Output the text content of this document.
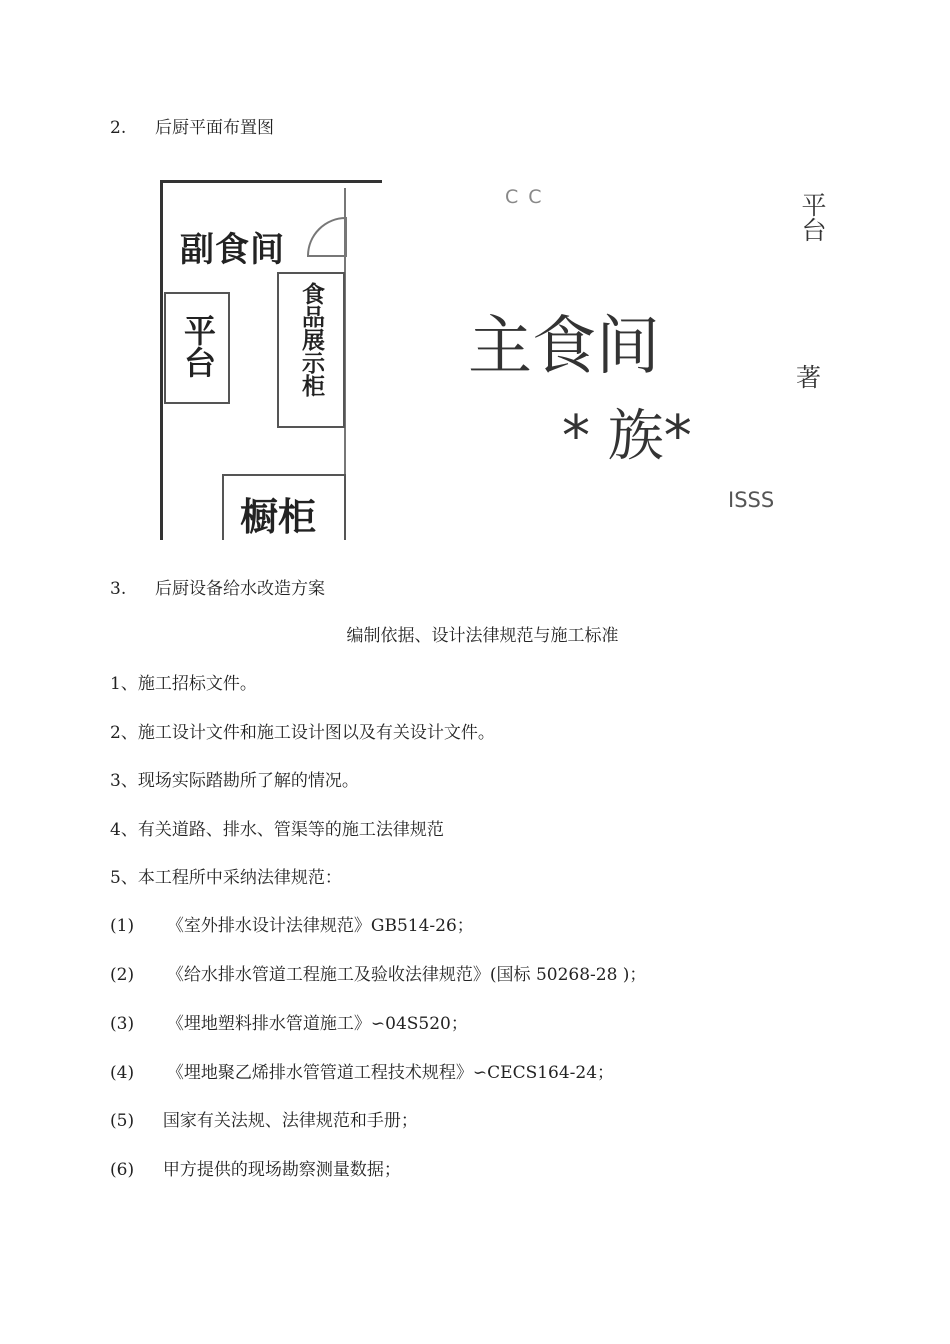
2. 后厨平面布置图
副食间
平台	食品展示柜
橱柜
C C	平台
主食间	著
* 族*
ISSS
3. 后厨设备给水改造方案
编制依据、设计法律规范与施工标准
1、施工招标文件。
2、施工设计文件和施工设计图以及有关设计文件。
3、现场实际踏勘所了解的情况。
4、有关道路、排水、管渠等的施工法律规范
5、本工程所中采纳法律规范：
(1) 《室外排水设计法律规范》GB514-26；
(2) 《给水排水管道工程施工及验收法律规范》(国标 50268-28 )；
(3) 《埋地塑料排水管道施工》∽04S520；
(4) 《埋地聚乙烯排水管管道工程技术规程》∽CECS164-24；
(5) 国家有关法规、法律规范和手册；
(6) 甲方提供的现场勘察测量数据；
